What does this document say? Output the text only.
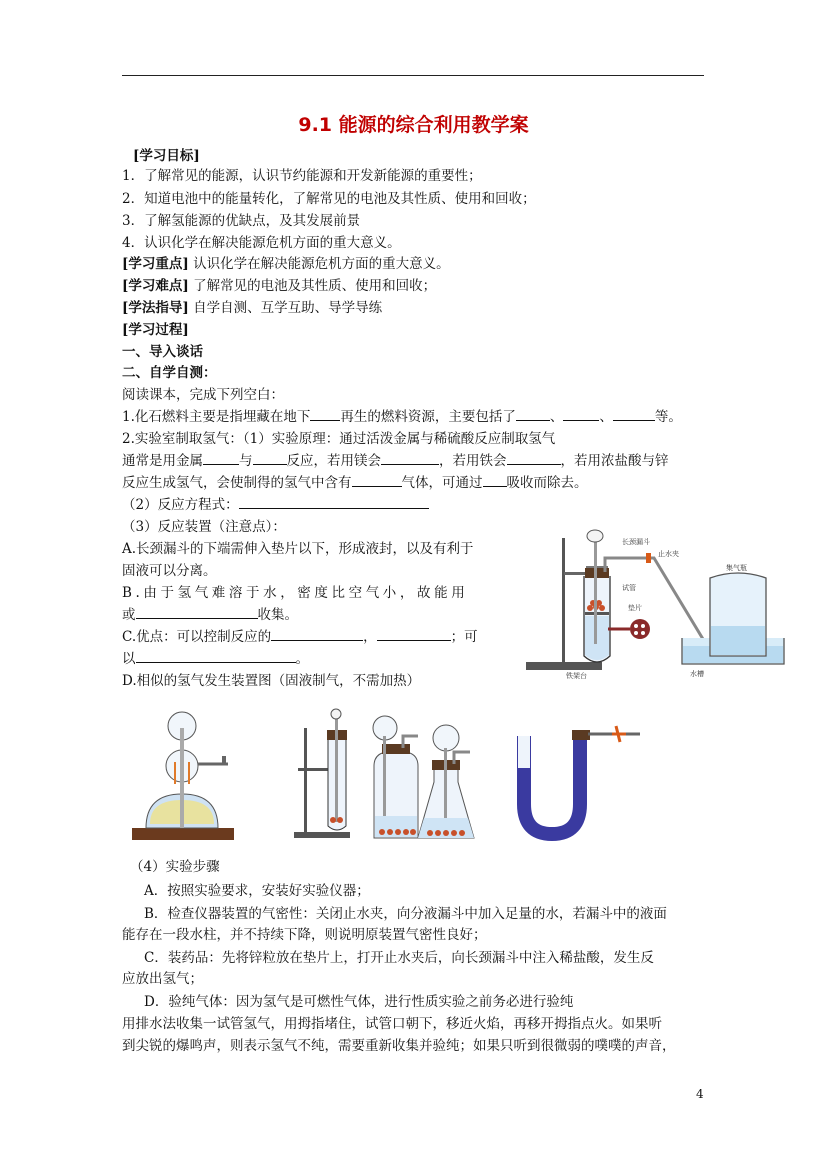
9.1 能源的综合利用教学案
[学习目标]
1．了解常见的能源，认识节约能源和开发新能源的重要性；
2．知道电池中的能量转化，了解常见的电池及其性质、使用和回收；
3．了解氢能源的优缺点，及其发展前景
4．认识化学在解决能源危机方面的重大意义。
[学习重点] 认识化学在解决能源危机方面的重大意义。
[学习难点] 了解常见的电池及其性质、使用和回收；
[学法指导] 自学自测、互学互助、导学导练
[学习过程]
一、导入谈话
二、自学自测：
阅读课本，完成下列空白：
1.化石燃料主要是指埋藏在地下 再生的燃料资源，主要包括了	、	、	等。
2.实验室制取氢气：（1）实验原理：通过活泼金属与稀硫酸反应制取氢气
通常是用金属	与	反应，若用镁会	，若用铁会	，若用浓盐酸与锌
反应生成氢气，会使制得的氢气中含有	气体，可通过 吸收而除去。
（2）反应方程式：
（3）反应装置（注意点）：
A.长颈漏斗的下端需伸入垫片以下，形成液封，以及有利于
固液可以分离。
B.由于氢气难溶于水，密度比空气小，故能用
或	收集。
C.优点：可以控制反应的	，	；可
以	。
D.相似的氢气发生装置图（固液制气，不需加热）
长颈漏斗
止水夹
试管
垫片
铁架台
集气瓶
水槽
（4）实验步骤
A．按照实验要求，安装好实验仪器；
B．检查仪器装置的气密性：关闭止水夹，向分液漏斗中加入足量的水，若漏斗中的液面
能存在一段水柱，并不持续下降，则说明原装置气密性良好；
C．装药品：先将锌粒放在垫片上，打开止水夹后，向长颈漏斗中注入稀盐酸，发生反
应放出氢气；
D．验纯气体：因为氢气是可燃性气体，进行性质实验之前务必进行验纯
用排水法收集一试管氢气，用拇指堵住，试管口朝下，移近火焰，再移开拇指点火。如果听
到尖锐的爆鸣声，则表示氢气不纯，需要重新收集并验纯；如果只听到很微弱的噗噗的声音，
4
